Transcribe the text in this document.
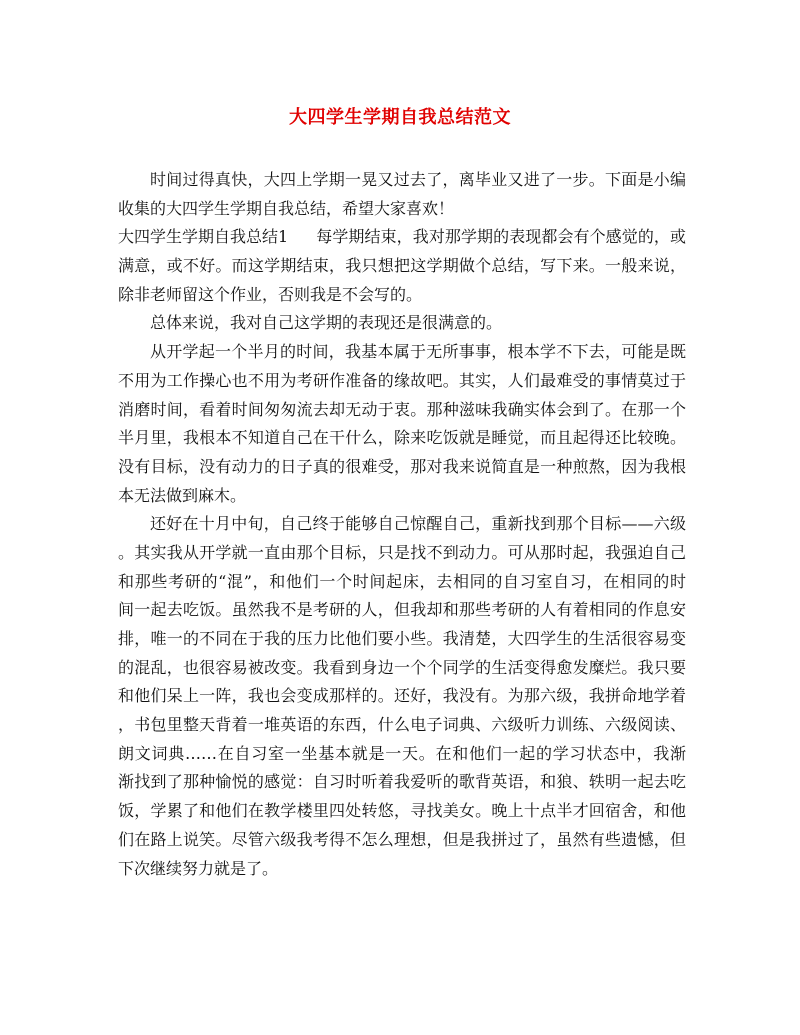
大四学生学期自我总结范文
时间过得真快，大四上学期一晃又过去了，离毕业又进了一步。下面是小编
收集的大四学生学期自我总结，希望大家喜欢！
大四学生学期自我总结1 每学期结束，我对那学期的表现都会有个感觉的，或
满意，或不好。而这学期结束，我只想把这学期做个总结，写下来。一般来说，
除非老师留这个作业，否则我是不会写的。
总体来说，我对自己这学期的表现还是很满意的。
从开学起一个半月的时间，我基本属于无所事事，根本学不下去，可能是既
不用为工作操心也不用为考研作准备的缘故吧。其实，人们最难受的事情莫过于
消磨时间，看着时间匆匆流去却无动于衷。那种滋味我确实体会到了。在那一个
半月里，我根本不知道自己在干什么，除来吃饭就是睡觉，而且起得还比较晚。
没有目标，没有动力的日子真的很难受，那对我来说简直是一种煎熬，因为我根
本无法做到麻木。
还好在十月中旬，自己终于能够自己惊醒自己，重新找到那个目标——六级
。其实我从开学就一直由那个目标，只是找不到动力。可从那时起，我强迫自己
和那些考研的“混”，和他们一个时间起床，去相同的自习室自习，在相同的时
间一起去吃饭。虽然我不是考研的人，但我却和那些考研的人有着相同的作息安
排，唯一的不同在于我的压力比他们要小些。我清楚，大四学生的生活很容易变
的混乱，也很容易被改变。我看到身边一个个同学的生活变得愈发糜烂。我只要
和他们呆上一阵，我也会变成那样的。还好，我没有。为那六级，我拼命地学着
，书包里整天背着一堆英语的东西，什么电子词典、六级听力训练、六级阅读、
朗文词典……在自习室一坐基本就是一天。在和他们一起的学习状态中，我渐
渐找到了那种愉悦的感觉：自习时听着我爱听的歌背英语，和狼、轶明一起去吃
饭，学累了和他们在教学楼里四处转悠，寻找美女。晚上十点半才回宿舍，和他
们在路上说笑。尽管六级我考得不怎么理想，但是我拼过了，虽然有些遗憾，但
下次继续努力就是了。
